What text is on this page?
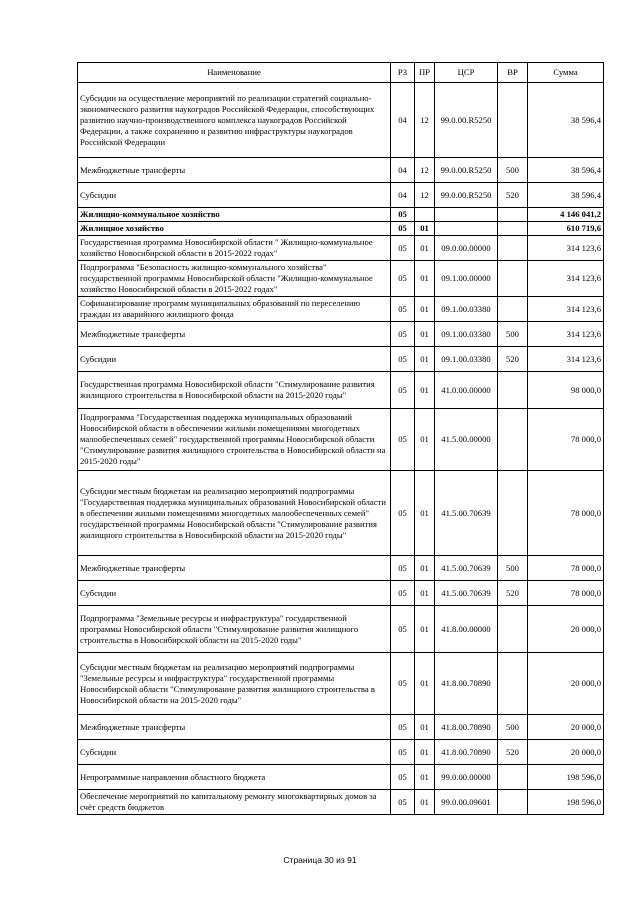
Наименование	РЗ	ПР	ЦСР	ВР	Сумма
Субсидии на осуществление мероприятий по реализации стратегий социально-экономического развития наукоградов Российской Федерации, способствующих развитию научно-производственного комплекса наукоградов Российской Федерации, а также сохранению и развитию инфраструктуры наукоградов Российской Федерации	04	12	99.0.00.R5250		38 596,4
Межбюджетные трансферты	04	12	99.0.00.R5250	500	38 596,4
Субсидии	04	12	99.0.00.R5250	520	38 596,4
Жилищно-коммунальное хозяйство	05				4 146 041,2
Жилищное хозяйство	05	01			610 719,6
Государственная программа Новосибирской области " Жилищно-коммунальное хозяйство Новосибирской области в 2015-2022 годах"	05	01	09.0.00.00000		314 123,6
Подпрограмма "Безопасность жилищно-коммунального хозяйства" государственной программы Новосибирской области "Жилищно-коммунальное хозяйство Новосибирской области в 2015-2022 годах"	05	01	09.1.00.00000		314 123,6
Софинансирование программ муниципальных образований по переселению граждан из аварийного жилищного фонда	05	01	09.1.00.03380		314 123,6
Межбюджетные трансферты	05	01	09.1.00.03380	500	314 123,6
Субсидии	05	01	09.1.00.03380	520	314 123,6
Государственная программа Новосибирской области "Стимулирование развития жилищного строительства в Новосибирской области на 2015-2020 годы"	05	01	41.0.00.00000		98 000,0
Подпрограмма "Государственная поддержка муниципальных образований Новосибирской области в обеспечении жилыми помещениями многодетных малообеспеченных семей" государственной программы Новосибирской области "Стимулирование развития жилищного строительства в Новосибирской области на 2015-2020 годы"	05	01	41.5.00.00000		78 000,0
Субсидии местным бюджетам на реализацию мероприятий подпрограммы "Государственная поддержка муниципальных образований Новосибирской области в обеспечении жилыми помещениями многодетных малообеспеченных семей" государственной программы Новосибирской области "Стимулирование развития жилищного строительства в Новосибирской области на 2015-2020 годы"	05	01	41.5.00.70639		78 000,0
Межбюджетные трансферты	05	01	41.5.00.70639	500	78 000,0
Субсидии	05	01	41.5.00.70639	520	78 000,0
Подпрограмма "Земельные ресурсы и инфраструктура" государственной программы Новосибирской области "Стимулирование развития жилищного строительства в Новосибирской области на 2015-2020 годы"	05	01	41.8.00.00000		20 000,0
Субсидии местным бюджетам на реализацию мероприятий подпрограммы "Земельные ресурсы и инфраструктура" государственной программы Новосибирской области "Стимулирование развития жилищного строительства в Новосибирской области на 2015-2020 годы"	05	01	41.8.00.70890		20 000,0
Межбюджетные трансферты	05	01	41.8.00.70890	500	20 000,0
Субсидии	05	01	41.8.00.70890	520	20 000,0
Непрограммные направления областного бюджета	05	01	99.0.00.00000		198 596,0
Обеспечение мероприятий по капитальному ремонту многоквартирных домов за счёт средств бюджетов	05	01	99.0.00.09601		198 596,0
Страница 30 из 91
